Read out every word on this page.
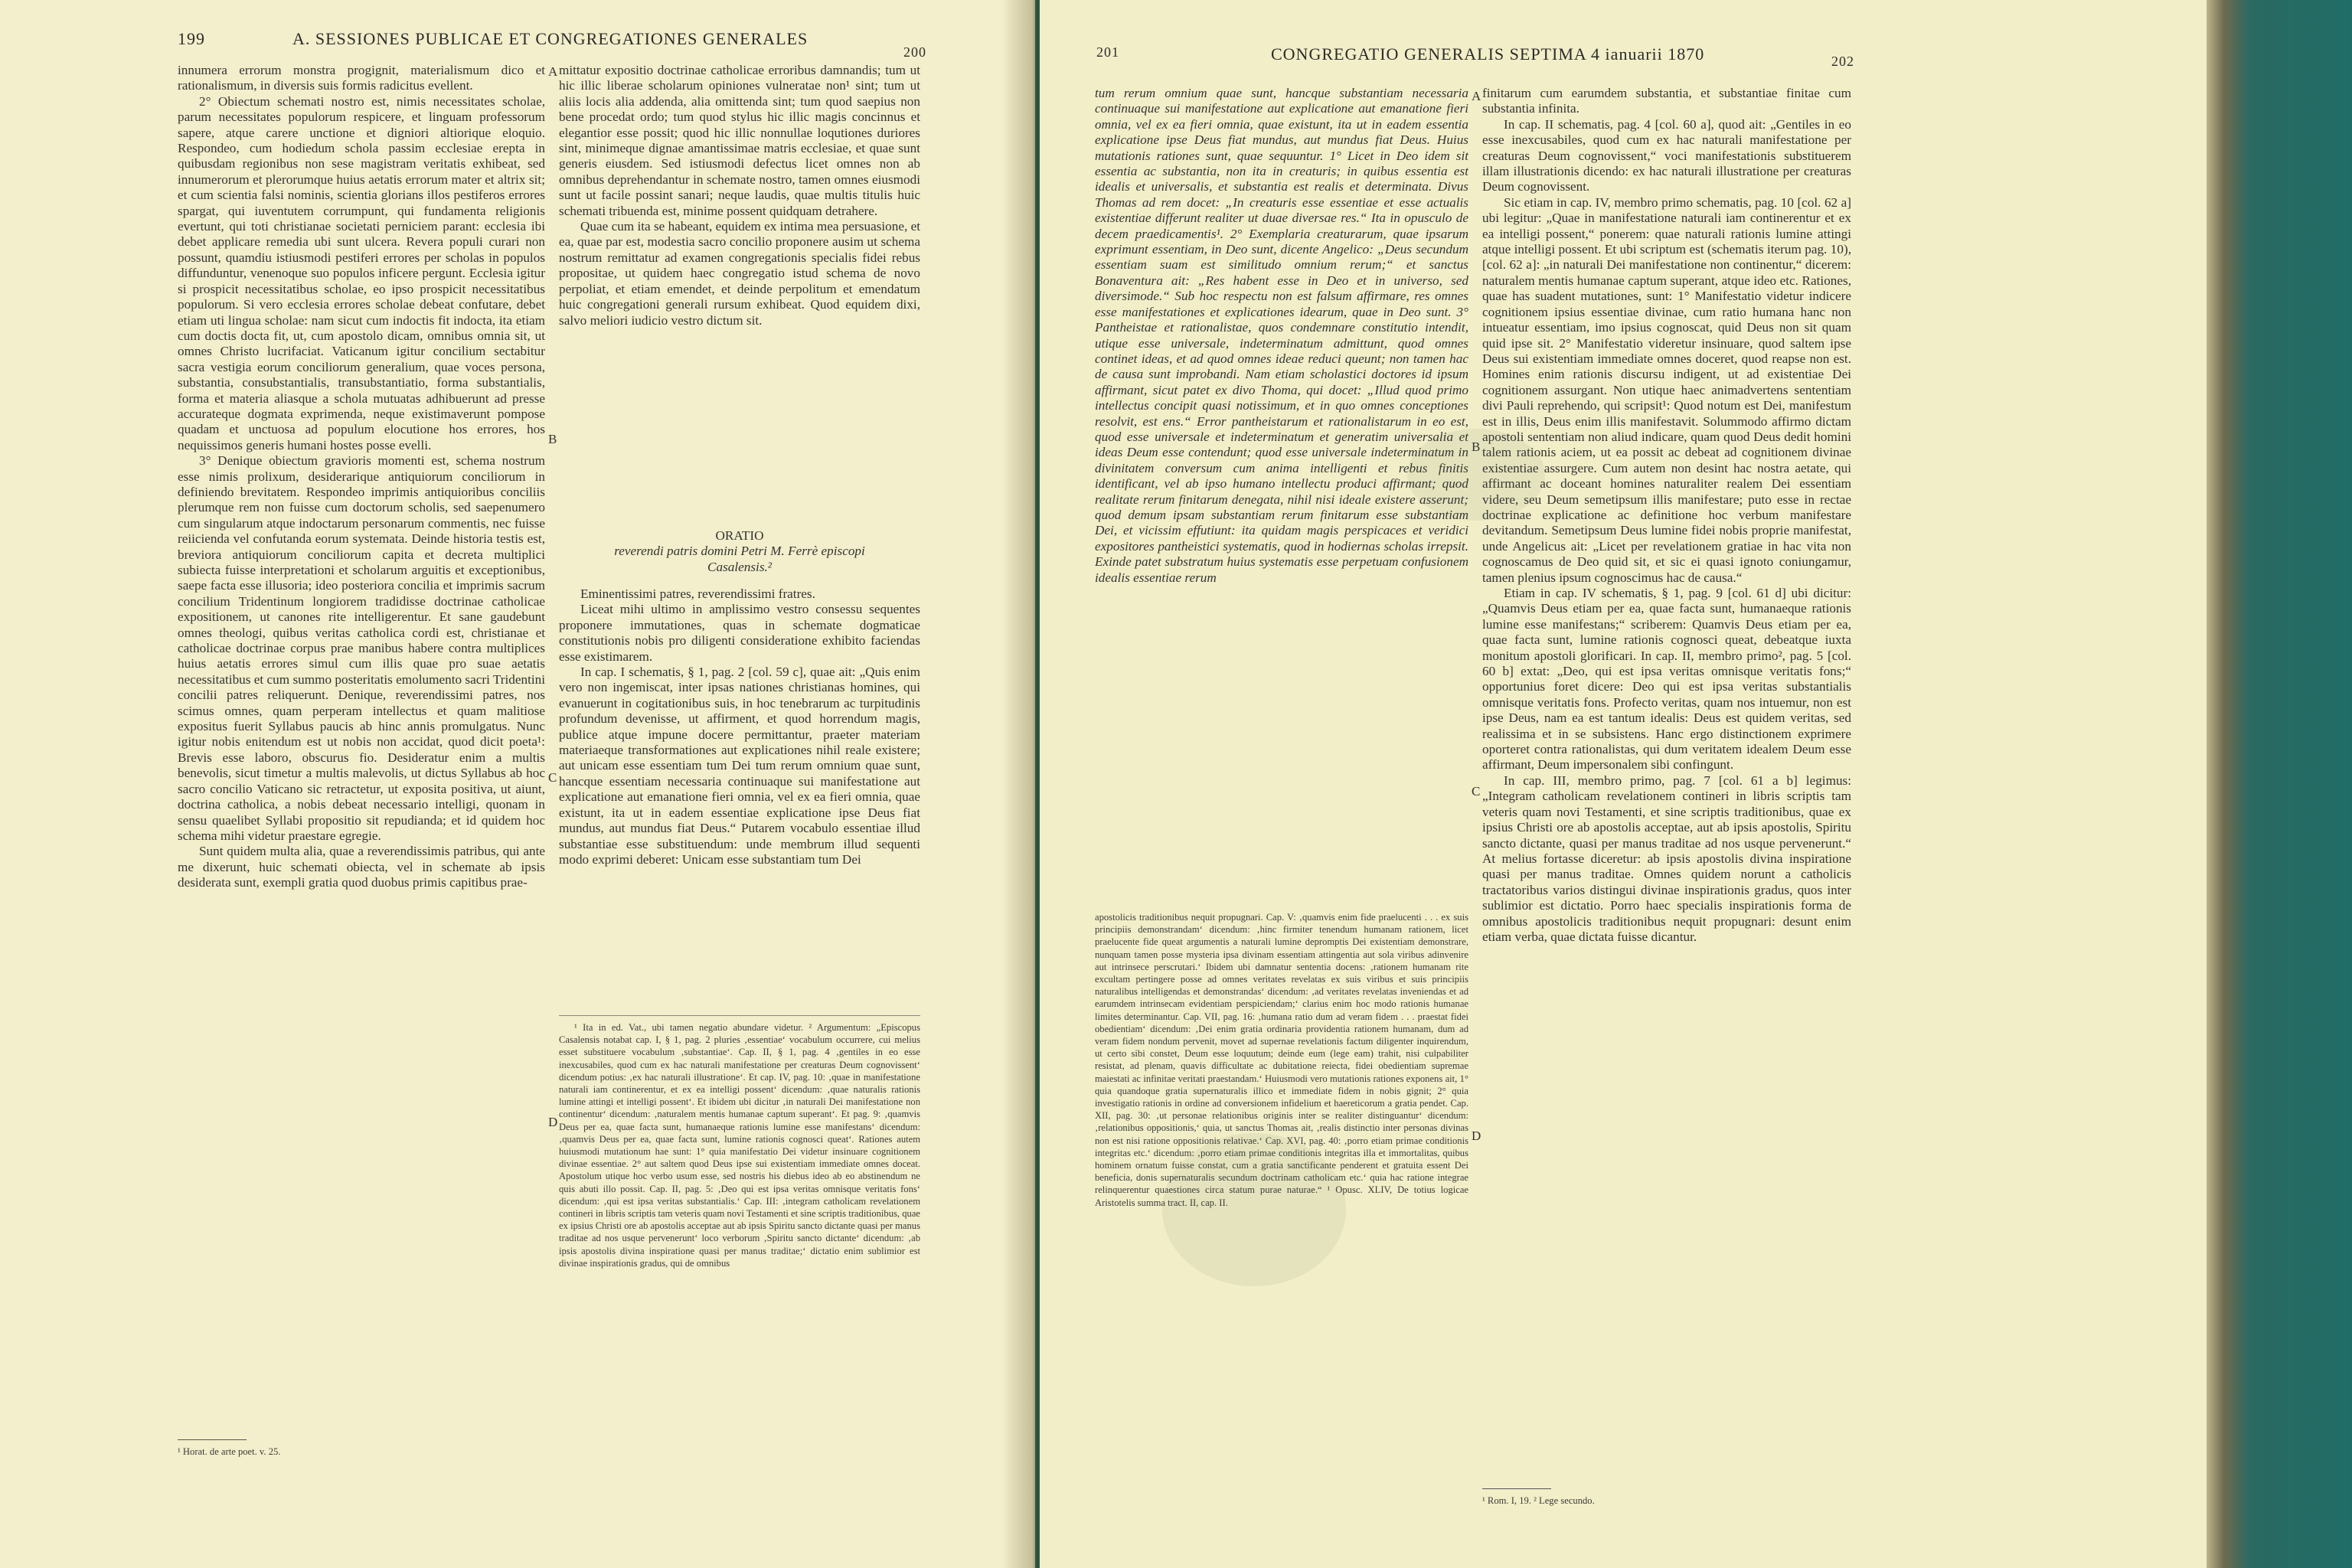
199	A. SESSIONES PUBLICAE ET CONGREGATIONES GENERALES
200

innumera errorum monstra progignit, materialismum dico et rationalismum, in diversis suis formis radicitus evellent.

2° Obiectum schemati nostro est, nimis necessitates scholae, parum necessitates populorum respicere, et linguam professorum sapere, atque carere unctione et digniori altiorique eloquio. Respondeo, cum hodiedum schola passim ecclesiae erepta in quibusdam regionibus non sese magistram veritatis exhibeat, sed innumerorum et plerorumque huius aetatis errorum mater et altrix sit; et cum scientia falsi nominis, scientia glorians illos pestiferos errores spargat, qui iuventutem corrumpunt, qui fundamenta religionis evertunt, qui toti christianae societati perniciem parant: ecclesia ibi debet applicare remedia ubi sunt ulcera. Revera populi curari non possunt, quamdiu istiusmodi pestiferi errores per scholas in populos diffunduntur, venenoque suo populos inficere pergunt. Ecclesia igitur si prospicit necessitatibus scholae, eo ipso prospicit necessitatibus populorum. Si vero ecclesia errores scholae debeat confutare, debet etiam uti lingua scholae: nam sicut cum indoctis fit indocta, ita etiam cum doctis docta fit, ut, cum apostolo dicam, omnibus omnia sit, ut omnes Christo lucrifaciat. Vaticanum igitur concilium sectabitur sacra vestigia eorum conciliorum generalium, quae voces persona, substantia, consubstantialis, transubstantiatio, forma substantialis, forma et materia aliasque a schola mutuatas adhibuerunt ad presse accurateque dogmata exprimenda, neque existimaverunt pompose quadam et unctuosa ad populum elocutione hos errores, hos nequissimos generis humani hostes posse evelli.

3° Denique obiectum gravioris momenti est, schema nostrum esse nimis prolixum, desiderarique antiquiorum conciliorum in definiendo brevitatem. Respondeo imprimis antiquioribus conciliis plerumque rem non fuisse cum doctorum scholis, sed saepenumero cum singularum atque indoctarum personarum commentis, nec fuisse reiicienda vel confutanda eorum systemata. Deinde historia testis est, breviora antiquiorum conciliorum capita et decreta multiplici subiecta fuisse interpretationi et scholarum arguitis et exceptionibus, saepe facta esse illusoria; ideo posteriora concilia et imprimis sacrum concilium Tridentinum longiorem tradidisse doctrinae catholicae expositionem, ut canones rite intelligerentur. Et sane gaudebunt omnes theologi, quibus veritas catholica cordi est, christianae et catholicae doctrinae corpus prae manibus habere contra multiplices huius aetatis errores simul cum illis quae pro suae aetatis necessitatibus et cum summo posteritatis emolumento sacri Tridentini concilii patres reliquerunt. Denique, reverendissimi patres, nos scimus omnes, quam perperam intellectus et quam malitiose expositus fuerit Syllabus paucis ab hinc annis promulgatus. Nunc igitur nobis enitendum est ut nobis non accidat, quod dicit poeta¹: Brevis esse laboro, obscurus fio. Desideratur enim a multis benevolis, sicut timetur a multis malevolis, ut dictus Syllabus ab hoc sacro concilio Vaticano sic retractetur, ut exposita positiva, ut aiunt, doctrina catholica, a nobis debeat necessario intelligi, quonam in sensu quaelibet Syllabi propositio sit repudianda; et id quidem hoc schema mihi videtur praestare egregie.

Sunt quidem multa alia, quae a reverendissimis patribus, qui ante me dixerunt, huic schemati obiecta, vel in schemate ab ipsis desiderata sunt, exempli gratia quod duobus primis capitibus prae-

¹ Horat. de arte poet. v. 25.
A
B
C
D

mittatur expositio doctrinae catholicae erroribus damnandis; tum ut hic illic liberae scholarum opiniones vulneratae non¹ sint; tum ut aliis locis alia addenda, alia omittenda sint; tum quod saepius non bene procedat ordo; tum quod stylus hic illic magis concinnus et elegantior esse possit; quod hic illic nonnullae loqutiones duriores sint, minimeque dignae amantissimae matris ecclesiae, et quae sunt generis eiusdem. Sed istiusmodi defectus licet omnes non ab omnibus deprehendantur in schemate nostro, tamen omnes eiusmodi sunt ut facile possint sanari; neque laudis, quae multis titulis huic schemati tribuenda est, minime possent quidquam detrahere.

Quae cum ita se habeant, equidem ex intima mea persuasione, et ea, quae par est, modestia sacro concilio proponere ausim ut schema nostrum remittatur ad examen congregationis specialis fidei rebus propositae, ut quidem haec congregatio istud schema de novo perpoliat, et etiam emendet, et deinde perpolitum et emendatum huic congregationi generali rursum exhibeat. Quod equidem dixi, salvo meliori iudicio vestro dictum sit.

ORATIO

reverendi patris domini Petri M. Ferrè episcopi

Casalensis.²

Eminentissimi patres, reverendissimi fratres.

Liceat mihi ultimo in amplissimo vestro consessu sequentes proponere immutationes, quas in schemate dogmaticae constitutionis nobis pro diligenti consideratione exhibito faciendas esse existimarem.

In cap. I schematis, § 1, pag. 2 [col. 59 c], quae ait: „Quis enim vero non ingemiscat, inter ipsas nationes christianas homines, qui evanuerunt in cogitationibus suis, in hoc tenebrarum ac turpitudinis profundum devenisse, ut affirment, et quod horrendum magis, publice atque impune docere permittantur, praeter materiam materiaeque transformationes aut explicationes nihil reale existere; aut unicam esse essentiam tum Dei tum rerum omnium quae sunt, hancque essentiam necessaria continuaque sui manifestatione aut explicatione aut emanatione fieri omnia, vel ex ea fieri omnia, quae existunt, ita ut in eadem essentiae explicatione ipse Deus fiat mundus, aut mundus fiat Deus.“ Putarem vocabulo essentiae illud substantiae esse substituendum: unde membrum illud sequenti modo exprimi deberet: Unicam esse substantiam tum Dei

¹ Ita in ed. Vat., ubi tamen negatio abundare videtur. ² Argumentum: „Episcopus Casalensis notabat cap. I, § 1, pag. 2 pluries ‚essentiae‘ vocabulum occurrere, cui melius esset substituere vocabulum ‚substantiae‘. Cap. II, § 1, pag. 4 ‚gentiles in eo esse inexcusabiles, quod cum ex hac naturali manifestatione per creaturas Deum cognovissent‘ dicendum potius: ‚ex hac naturali illustratione‘. Et cap. IV, pag. 10: ‚quae in manifestatione naturali iam continerentur, et ex ea intelligi possent‘ dicendum: ‚quae naturalis rationis lumine attingi et intelligi possent‘. Et ibidem ubi dicitur ‚in naturali Dei manifestatione non continentur‘ dicendum: ‚naturalem mentis humanae captum superant‘. Et pag. 9: ‚quamvis Deus per ea, quae facta sunt, humanaeque rationis lumine esse manifestans‘ dicendum: ‚quamvis Deus per ea, quae facta sunt, lumine rationis cognosci queat‘. Rationes autem huiusmodi mutationum hae sunt: 1° quia manifestatio Dei videtur insinuare cognitionem divinae essentiae. 2° aut saltem quod Deus ipse sui existentiam immediate omnes doceat. Apostolum utique hoc verbo usum esse, sed nostris his diebus ideo ab eo abstinendum ne quis abuti illo possit. Cap. II, pag. 5: ‚Deo qui est ipsa veritas omnisque veritatis fons‘ dicendum: ‚qui est ipsa veritas substantialis.‘ Cap. III: ‚integram catholicam revelationem contineri in libris scriptis tam veteris quam novi Testamenti et sine scriptis traditionibus, quae ex ipsius Christi ore ab apostolis acceptae aut ab ipsis Spiritu sancto dictante quasi per manus traditae ad nos usque pervenerunt‘ loco verborum ‚Spiritu sancto dictante‘ dicendum: ‚ab ipsis apostolis divina inspiratione quasi per manus traditae;‘ dictatio enim sublimior est divinae inspirationis gradus, qui de omnibus

201	CONGREGATIO GENERALIS SEPTIMA 4 ianuarii 1870	202

tum rerum omnium quae sunt, hancque substantiam necessaria continuaque sui manifestatione aut explicatione aut emanatione fieri omnia, vel ex ea fieri omnia, quae existunt, ita ut in eadem essentia explicatione ipse Deus fiat mundus, aut mundus fiat Deus. Huius mutationis rationes sunt, quae sequuntur. 1° Licet in Deo idem sit essentia ac substantia, non ita in creaturis; in quibus essentia est idealis et universalis, et substantia est realis et determinata. Divus Thomas ad rem docet: „In creaturis esse essentiae et esse actualis existentiae differunt realiter ut duae diversae res.“ Ita in opusculo de decem praedicamentis¹. 2° Exemplaria creaturarum, quae ipsarum exprimunt essentiam, in Deo sunt, dicente Angelico: „Deus secundum essentiam suam est similitudo omnium rerum;“ et sanctus Bonaventura ait: „Res habent esse in Deo et in universo, sed diversimode.“ Sub hoc respectu non est falsum affirmare, res omnes esse manifestationes et explicationes idearum, quae in Deo sunt. 3° Pantheistae et rationalistae, quos condemnare constitutio intendit, utique esse universale, indeterminatum admittunt, quod omnes continet ideas, et ad quod omnes ideae reduci queunt; non tamen hac de causa sunt improbandi. Nam etiam scholastici doctores id ipsum affirmant, sicut patet ex divo Thoma, qui docet: „Illud quod primo intellectus concipit quasi notissimum, et in quo omnes conceptiones resolvit, est ens.“ Error pantheistarum et rationalistarum in eo est, quod esse universale et indeterminatum et generatim universalia et ideas Deum esse contendunt; quod esse universale indeterminatum in divinitatem conversum cum anima intelligenti et rebus finitis identificant, vel ab ipso humano intellectu produci affirmant; quod realitate rerum finitarum denegata, nihil nisi ideale existere asserunt; quod demum ipsam substantiam rerum finitarum esse substantiam Dei, et vicissim effutiunt: ita quidam magis perspicaces et veridici expositores pantheistici systematis, quod in hodiernas scholas irrepsit. Exinde patet substratum huius systematis esse perpetuam confusionem idealis essentiae rerum

apostolicis traditionibus nequit propugnari. Cap. V: ‚quamvis enim fide praelucenti . . . ex suis principiis demonstrandam‘ dicendum: ‚hinc firmiter tenendum humanam rationem, licet praelucente fide queat argumentis a naturali lumine depromptis Dei existentiam demonstrare, nunquam tamen posse mysteria ipsa divinam essentiam attingentia aut sola viribus adinvenire aut intrinsece perscrutari.‘ Ibidem ubi damnatur sententia docens: ‚rationem humanam rite excultam pertingere posse ad omnes veritates revelatas ex suis viribus et suis principiis naturalibus intelligendas et demonstrandas‘ dicendum: ‚ad veritates revelatas inveniendas et ad earumdem intrinsecam evidentiam perspiciendam;‘ clarius enim hoc modo rationis humanae limites determinantur. Cap. VII, pag. 16: ‚humana ratio dum ad veram fidem . . . praestat fidei obedientiam‘ dicendum: ‚Dei enim gratia ordinaria providentia rationem humanam, dum ad veram fidem nondum pervenit, movet ad supernae revelationis factum diligenter inquirendum, ut certo sibi constet, Deum esse loquutum; deinde eum (lege eam) trahit, nisi culpabiliter resistat, ad plenam, quavis difficultate ac dubitatione reiecta, fidei obedientiam supremae maiestati ac infinitae veritati praestandam.‘ Huiusmodi vero mutationis rationes exponens ait, 1° quia quandoque gratia supernaturalis illico et immediate fidem in nobis gignit; 2° quia investigatio rationis in ordine ad conversionem infidelium et haereticorum a gratia pendet. Cap. XII, pag. 30: ‚ut personae relationibus originis inter se realiter distinguantur‘ dicendum: ‚relationibus oppositionis,‘ quia, ut sanctus Thomas ait, ‚realis distinctio inter personas divinas non est nisi ratione oppositionis relativae.‘ Cap. XVI, pag. 40: ‚porro etiam primae conditionis integritas etc.‘ dicendum: ‚porro etiam primae conditionis integritas illa et immortalitas, quibus hominem ornatum fuisse constat, cum a gratia sanctificante penderent et gratuita essent Dei beneficia, donis supernaturalis secundum doctrinam catholicam etc.‘ quia hac ratione integrae relinquerentur quaestiones circa statum purae naturae.“ ¹ Opusc. XLIV, De totius logicae Aristotelis summa tract. II, cap. II.

A
B
C
D

finitarum cum earumdem substantia, et substantiae finitae cum substantia infinita.

In cap. II schematis, pag. 4 [col. 60 a], quod ait: „Gentiles in eo esse inexcusabiles, quod cum ex hac naturali manifestatione per creaturas Deum cognovissent,“ voci manifestationis substituerem illam illustrationis dicendo: ex hac naturali illustratione per creaturas Deum cognovissent.

Sic etiam in cap. IV, membro primo schematis, pag. 10 [col. 62 a] ubi legitur: „Quae in manifestatione naturali iam continerentur et ex ea intelligi possent,“ ponerem: quae naturali rationis lumine attingi atque intelligi possent. Et ubi scriptum est (schematis iterum pag. 10), [col. 62 a]: „in naturali Dei manifestatione non continentur,“ dicerem: naturalem mentis humanae captum superant, atque ideo etc. Rationes, quae has suadent mutationes, sunt: 1° Manifestatio videtur indicere cognitionem ipsius essentiae divinae, cum ratio humana hanc non intueatur essentiam, imo ipsius cognoscat, quid Deus non sit quam quid ipse sit. 2° Manifestatio videretur insinuare, quod saltem ipse Deus sui existentiam immediate omnes doceret, quod reapse non est. Homines enim rationis discursu indigent, ut ad existentiae Dei cognitionem assurgant. Non utique haec animadvertens sententiam divi Pauli reprehendo, qui scripsit¹: Quod notum est Dei, manifestum est in illis, Deus enim illis manifestavit. Solummodo affirmo dictam apostoli sententiam non aliud indicare, quam quod Deus dedit homini talem rationis aciem, ut ea possit ac debeat ad cognitionem divinae existentiae assurgere. Cum autem non desint hac nostra aetate, qui affirmant ac doceant homines naturaliter realem Dei essentiam videre, seu Deum semetipsum illis manifestare; puto esse in rectae doctrinae explicatione ac definitione hoc verbum manifestare devitandum. Semetipsum Deus lumine fidei nobis proprie manifestat, unde Angelicus ait: „Licet per revelationem gratiae in hac vita non cognoscamus de Deo quid sit, et sic ei quasi ignoto coniungamur, tamen plenius ipsum cognoscimus hac de causa.“

Etiam in cap. IV schematis, § 1, pag. 9 [col. 61 d] ubi dicitur: „Quamvis Deus etiam per ea, quae facta sunt, humanaeque rationis lumine esse manifestans;“ scriberem: Quamvis Deus etiam per ea, quae facta sunt, lumine rationis cognosci queat, debeatque iuxta monitum apostoli glorificari. In cap. II, membro primo², pag. 5 [col. 60 b] extat: „Deo, qui est ipsa veritas omnisque veritatis fons;“ opportunius foret dicere: Deo qui est ipsa veritas substantialis omnisque veritatis fons. Profecto veritas, quam nos intuemur, non est ipse Deus, nam ea est tantum idealis: Deus est quidem veritas, sed realissima et in se subsistens. Hanc ergo distinctionem exprimere oporteret contra rationalistas, qui dum veritatem idealem Deum esse affirmant, Deum impersonalem sibi confingunt.

In cap. III, membro primo, pag. 7 [col. 61 a b] legimus: „Integram catholicam revelationem contineri in libris scriptis tam veteris quam novi Testamenti, et sine scriptis traditionibus, quae ex ipsius Christi ore ab apostolis acceptae, aut ab ipsis apostolis, Spiritu sancto dictante, quasi per manus traditae ad nos usque pervenerunt.“ At melius fortasse diceretur: ab ipsis apostolis divina inspiratione quasi per manus traditae. Omnes quidem norunt a catholicis tractatoribus varios distingui divinae inspirationis gradus, quos inter sublimior est dictatio. Porro haec specialis inspirationis forma de omnibus apostolicis traditionibus nequit propugnari: desunt enim etiam verba, quae dictata fuisse dicantur.

¹ Rom. I, 19. ² Lege secundo.
